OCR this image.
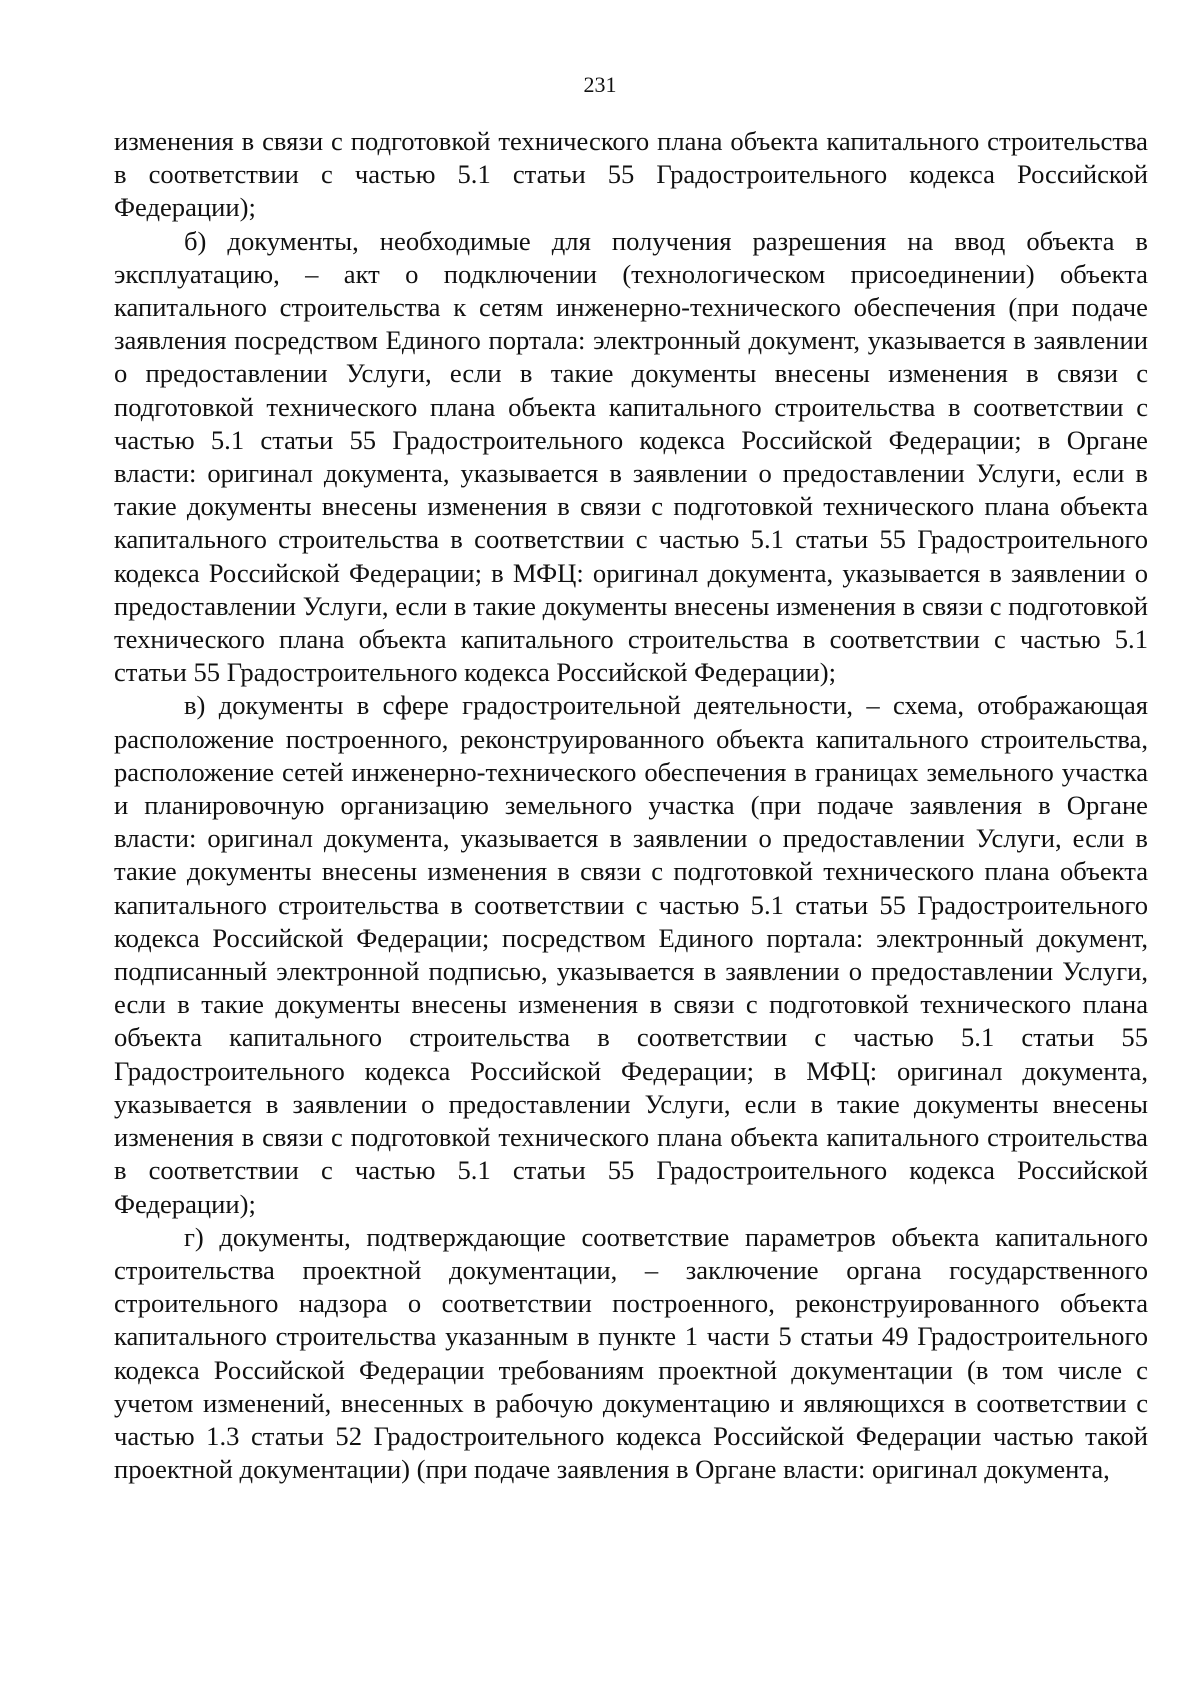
231

изменения в связи с подготовкой технического плана объекта капитального строительства в соответствии с частью 5.1 статьи 55 Градостроительного кодекса Российской Федерации);

б) документы, необходимые для получения разрешения на ввод объекта в эксплуатацию, – акт о подключении (технологическом присоединении) объекта капитального строительства к сетям инженерно-технического обеспечения (при подаче заявления посредством Единого портала: электронный документ, указывается в заявлении о предоставлении Услуги, если в такие документы внесены изменения в связи с подготовкой технического плана объекта капитального строительства в соответствии с частью 5.1 статьи 55 Градостроительного кодекса Российской Федерации; в Органе власти: оригинал документа, указывается в заявлении о предоставлении Услуги, если в такие документы внесены изменения в связи с подготовкой технического плана объекта капитального строительства в соответствии с частью 5.1 статьи 55 Градостроительного кодекса Российской Федерации; в МФЦ: оригинал документа, указывается в заявлении о предоставлении Услуги, если в такие документы внесены изменения в связи с подготовкой технического плана объекта капитального строительства в соответствии с частью 5.1 статьи 55 Градостроительного кодекса Российской Федерации);

в) документы в сфере градостроительной деятельности, – схема, отображающая расположение построенного, реконструированного объекта капитального строительства, расположение сетей инженерно-технического обеспечения в границах земельного участка и планировочную организацию земельного участка (при подаче заявления в Органе власти: оригинал документа, указывается в заявлении о предоставлении Услуги, если в такие документы внесены изменения в связи с подготовкой технического плана объекта капитального строительства в соответствии с частью 5.1 статьи 55 Градостроительного кодекса Российской Федерации; посредством Единого портала: электронный документ, подписанный электронной подписью, указывается в заявлении о предоставлении Услуги, если в такие документы внесены изменения в связи с подготовкой технического плана объекта капитального строительства в соответствии с частью 5.1 статьи 55 Градостроительного кодекса Российской Федерации; в МФЦ: оригинал документа, указывается в заявлении о предоставлении Услуги, если в такие документы внесены изменения в связи с подготовкой технического плана объекта капитального строительства в соответствии с частью 5.1 статьи 55 Градостроительного кодекса Российской Федерации);

г) документы, подтверждающие соответствие параметров объекта капитального строительства проектной документации, – заключение органа государственного строительного надзора о соответствии построенного, реконструированного объекта капитального строительства указанным в пункте 1 части 5 статьи 49 Градостроительного кодекса Российской Федерации требованиям проектной документации (в том числе с учетом изменений, внесенных в рабочую документацию и являющихся в соответствии с частью 1.3 статьи 52 Градостроительного кодекса Российской Федерации частью такой проектной документации) (при подаче заявления в Органе власти: оригинал документа,
